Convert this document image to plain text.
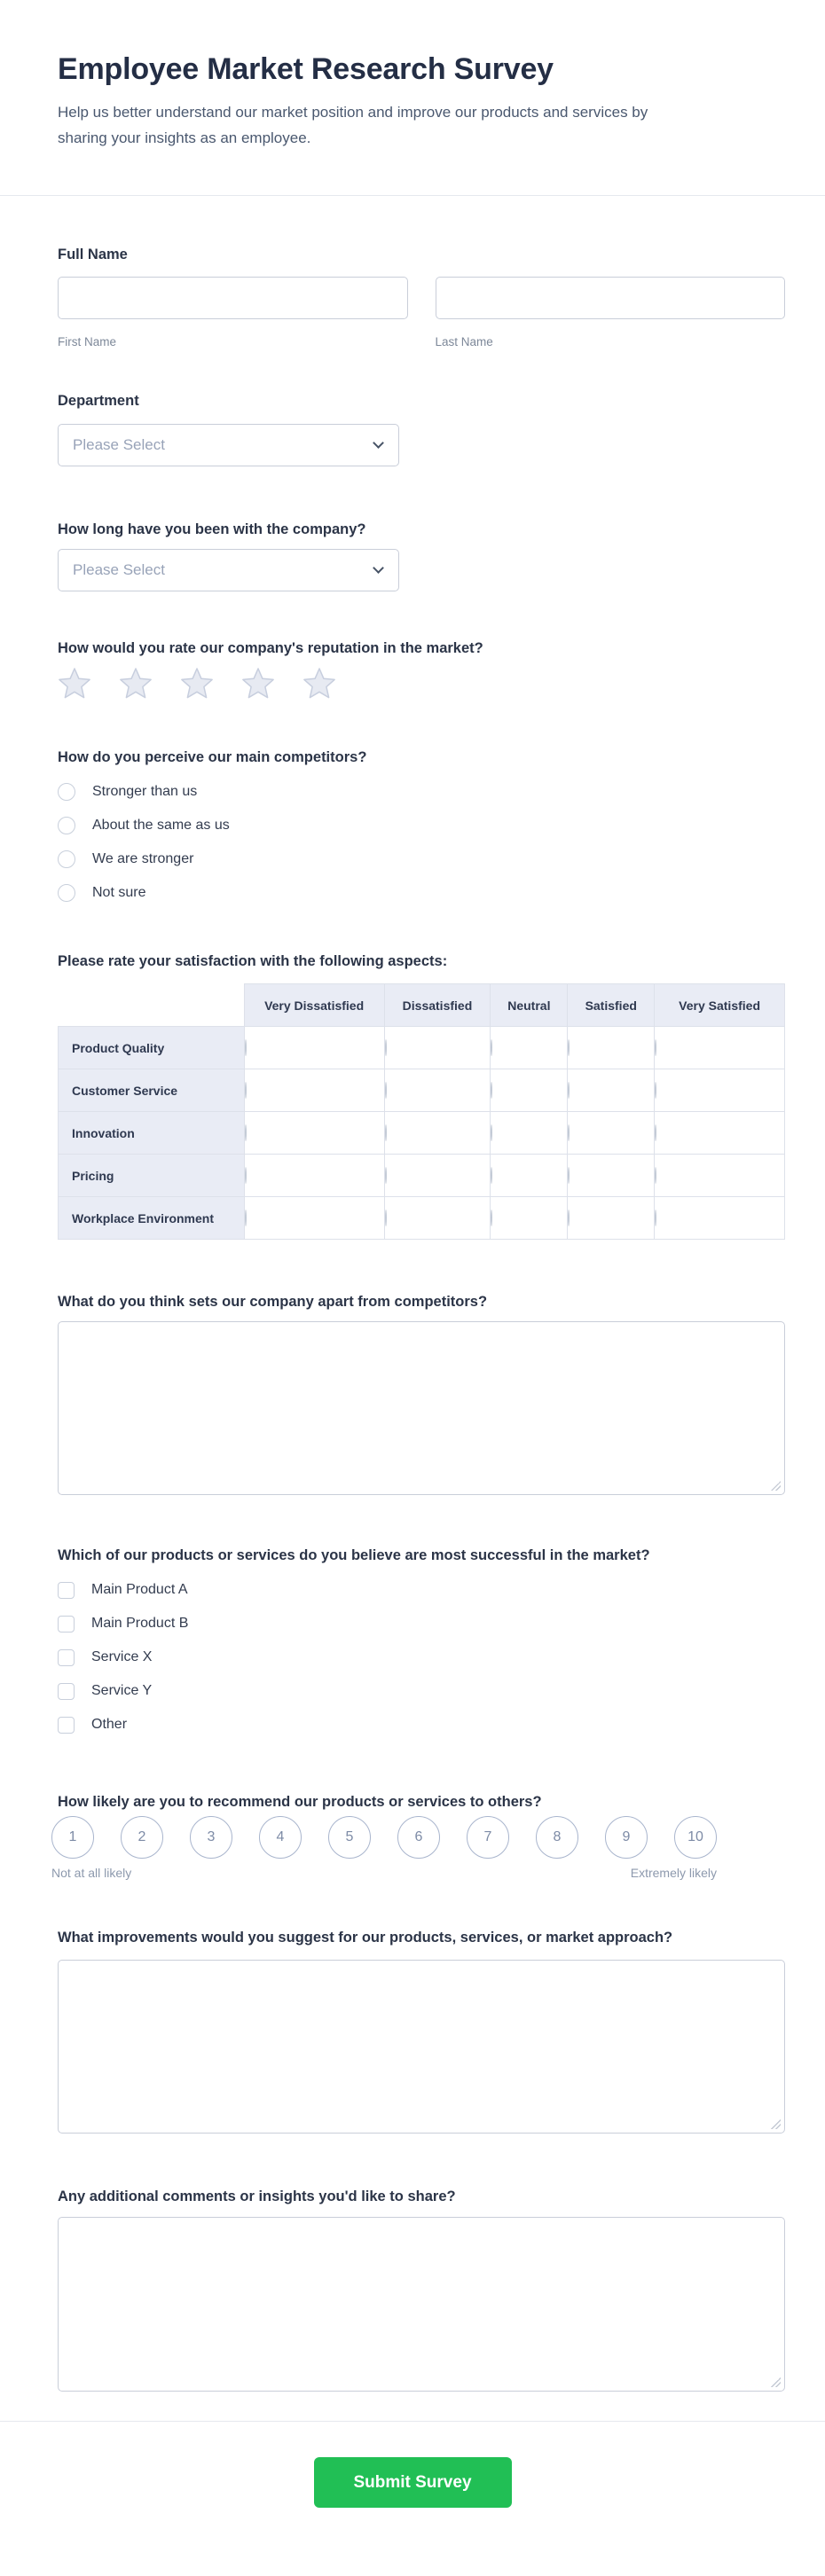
Employee Market Research Survey

Help us better understand our market position and improve our products and services by sharing your insights as an employee.

Full Name
First Name	Last Name
Department
Please Select
How long have you been with the company?
Please Select
How would you rate our company's reputation in the market?
How do you perceive our main competitors?
Stronger than us
About the same as us
We are stronger
Not sure
Please rate your satisfaction with the following aspects:
	Very Dissatisfied	Dissatisfied	Neutral	Satisfied	Very Satisfied
Product Quality					
Customer Service					
Innovation					
Pricing					
Workplace Environment					
What do you think sets our company apart from competitors?
Which of our products or services do you believe are most successful in the market?
Main Product A
Main Product B
Service X
Service Y
Other
How likely are you to recommend our products or services to others?
1	2	3	4	5	6	7	8	9	10
Not at all likely	Extremely likely
What improvements would you suggest for our products, services, or market approach?
Any additional comments or insights you'd like to share?
Submit Survey
